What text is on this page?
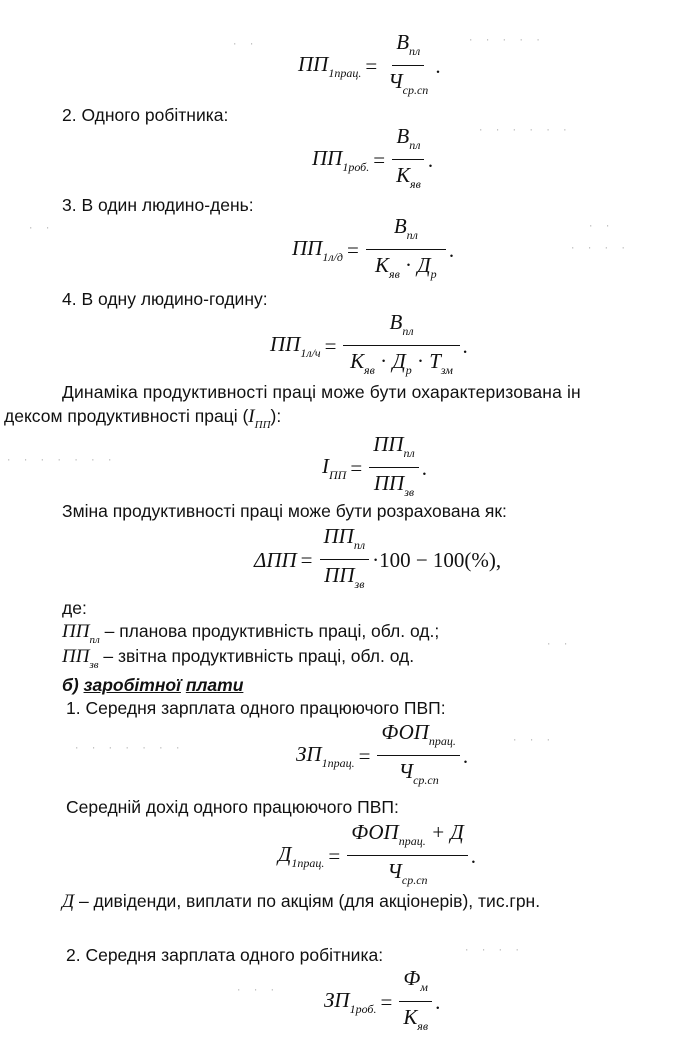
· ·	· · · · ·
· · · · · ·
· ·
· · · ·
· ·
· · · · · · ·
· ·
· · · · · · ·
· · ·
· · · ·
· · ·
$ПП_{1прац.} = \frac{В_{пл}}{Ч_{ср.сп}}$ .
2. Одного робітника:
$ПП_{1роб.} = \frac{В_{пл}}{К_{яв}}$ .
3. В один людино-день:
$ПП_{1л/д} = \frac{В_{пл}}{К_{яв} \cdot Д_р}$ .
4. В одну людино-годину:
$ПП_{1л/ч} = \frac{В_{пл}}{К_{яв} \cdot Д_р \cdot Т_{зм}}$ .
Динаміка продуктивності праці може бути охарактеризована ін
дексом продуктивності праці $(I_{ПП})$:
$I_{ПП} = \frac{ПП_{пл}}{ПП_{зв}}$ .
Зміна продуктивності праці може бути розрахована як:
$\Delta ПП = \frac{ПП_{пл}}{ПП_{зв}} \cdot 100 - 100(\%)$,
де:
$ПП_{пл}$ – планова продуктивність праці, обл. од.;
$ПП_{зв}$ – звітна продуктивність праці, обл. од.
б) заробітної плати
1. Середня зарплата одного працюючого ПВП:
$ЗП_{1прац.} = \frac{ФОП_{прац.}}{Ч_{ср.сп}}$ .
Середній дохід одного працюючого ПВП:
$Д_{1прац.} = \frac{ФОП_{прац.} + Д}{Ч_{ср.сп}}$ .
Д – дивіденди, виплати по акціям (для акціонерів), тис.грн.
2. Середня зарплата одного робітника:
$ЗП_{1роб.} = \frac{Ф_м}{К_{яв}}$ .
